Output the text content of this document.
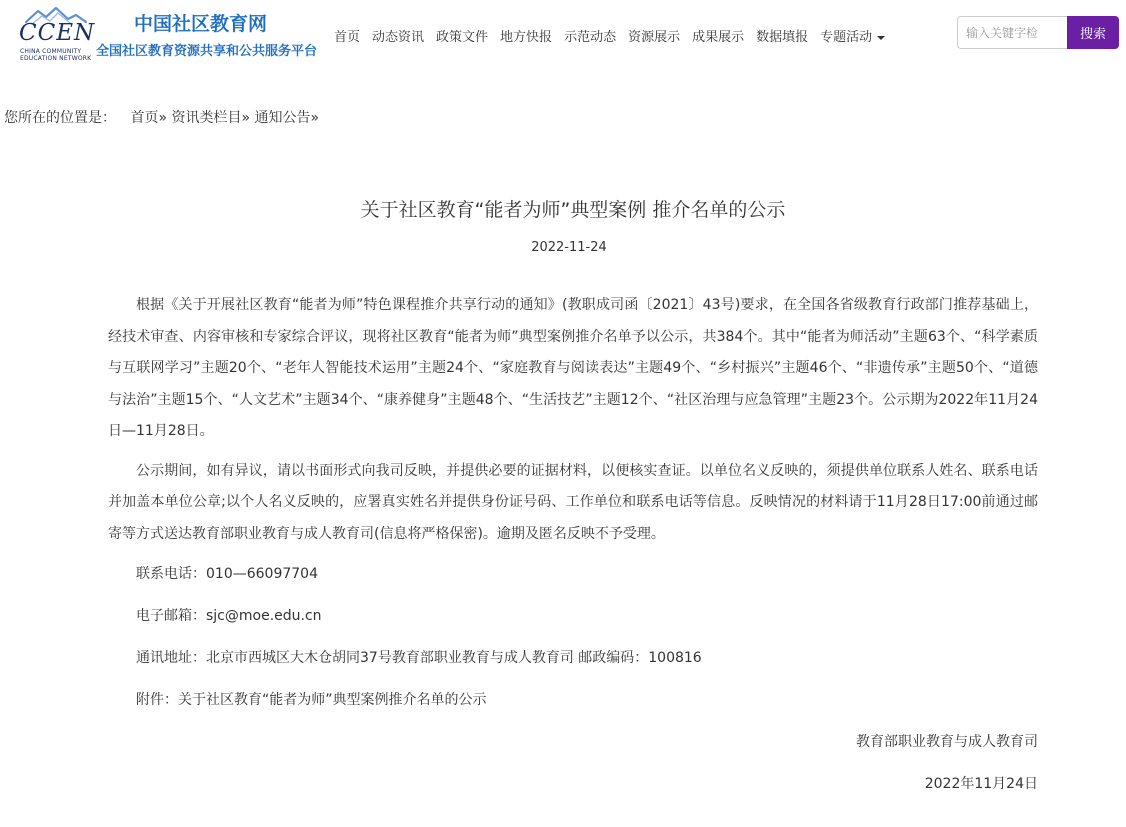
CCEN
CHINA COMMUNITY EDUCATION NETWORK
中国社区教育网
全国社区教育资源共享和公共服务平台
首页 动态资讯 政策文件 地方快报 示范动态 资源展示 成果展示 数据填报 专题活动
输入关键字检	搜索
您所在的位置是： 首页» 资讯类栏目» 通知公告»
关于社区教育“能者为师”典型案例 推介名单的公示
2022-11-24

根据《关于开展社区教育“能者为师”特色课程推介共享行动的通知》(教职成司函〔2021〕43号)要求，在全国各省级教育行政部门推荐基础上，经技术审查、内容审核和专家综合评议，现将社区教育“能者为师”典型案例推介名单予以公示，共384个。其中“能者为师活动”主题63个、“科学素质与互联网学习”主题20个、“老年人智能技术运用”主题24个、“家庭教育与阅读表达”主题49个、“乡村振兴”主题46个、“非遗传承”主题50个、“道德与法治”主题15个、“人文艺术”主题34个、“康养健身”主题48个、“生活技艺”主题12个、“社区治理与应急管理”主题23个。公示期为2022年11月24日—11月28日。

公示期间，如有异议，请以书面形式向我司反映，并提供必要的证据材料，以便核实查证。以单位名义反映的，须提供单位联系人姓名、联系电话并加盖本单位公章;以个人名义反映的，应署真实姓名并提供身份证号码、工作单位和联系电话等信息。反映情况的材料请于11月28日17:00前通过邮寄等方式送达教育部职业教育与成人教育司(信息将严格保密)。逾期及匿名反映不予受理。

联系电话：010—66097704

电子邮箱：sjc@moe.edu.cn

通讯地址：北京市西城区大木仓胡同37号教育部职业教育与成人教育司 邮政编码：100816

附件：关于社区教育“能者为师”典型案例推介名单的公示

教育部职业教育与成人教育司

2022年11月24日
